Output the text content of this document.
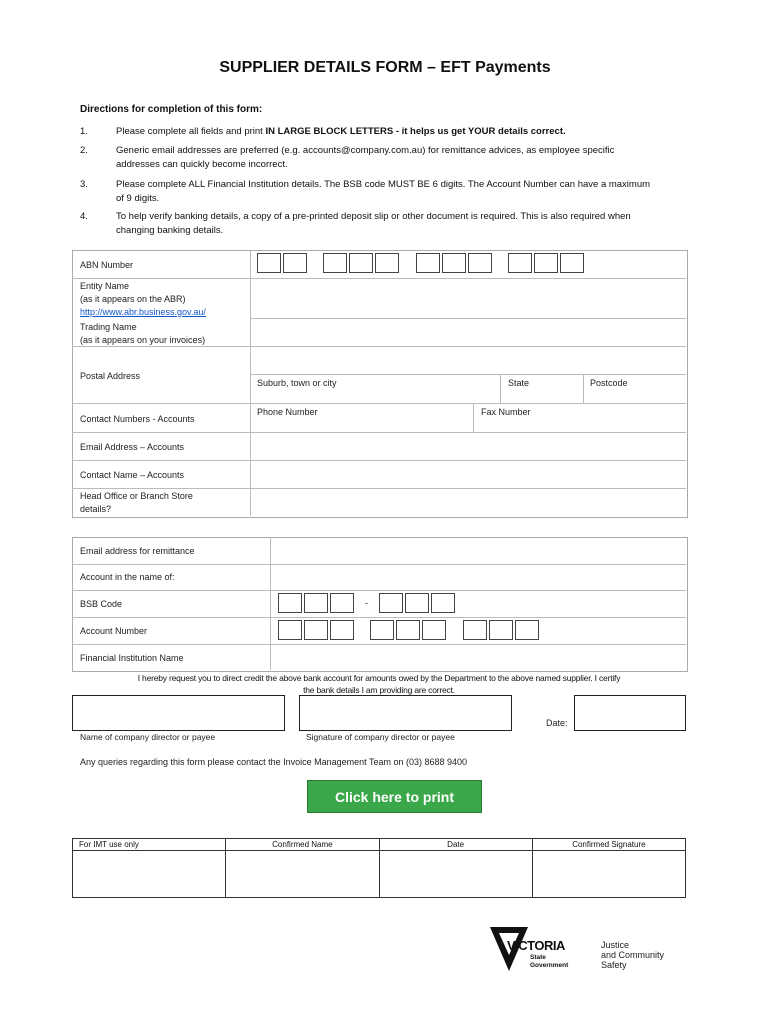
SUPPLIER DETAILS FORM – EFT Payments
Directions for completion of this form:
1.	Please complete all fields and print IN LARGE BLOCK LETTERS - it helps us get YOUR details correct.
2.	Generic email addresses are preferred (e.g. accounts@company.com.au) for remittance advices, as employee specific addresses can quickly become incorrect.
3.	Please complete ALL Financial Institution details. The BSB code MUST BE 6 digits. The Account Number can have a maximum of 9 digits.
4.	To help verify banking details, a copy of a pre-printed deposit slip or other document is required. This is also required when changing banking details.
ABN Number
Entity Name
(as it appears on the ABR)
http://www.abr.business.gov.au/
Trading Name
(as it appears on your invoices)
Postal Address
Suburb, town or city	State	Postcode
Contact Numbers - Accounts
Phone Number	Fax Number
Email Address – Accounts
Contact Name – Accounts
Head Office or Branch Store
details?
Email address for remittance
Account in the name of:
BSB Code	-
Account Number
Financial Institution Name
I hereby request you to direct credit the above bank account for amounts owed by the Department to the above named supplier. I certify
the bank details I am providing are correct.
Date:
Name of company director or payee	Signature of company director or payee
Any queries regarding this form please contact the Invoice Management Team on (03) 8688 9400
Click here to print
For IMT use only	Confirmed Name	Date	Confirmed Signature

VICTORIA
State
Government
Justice
and Community
Safety
